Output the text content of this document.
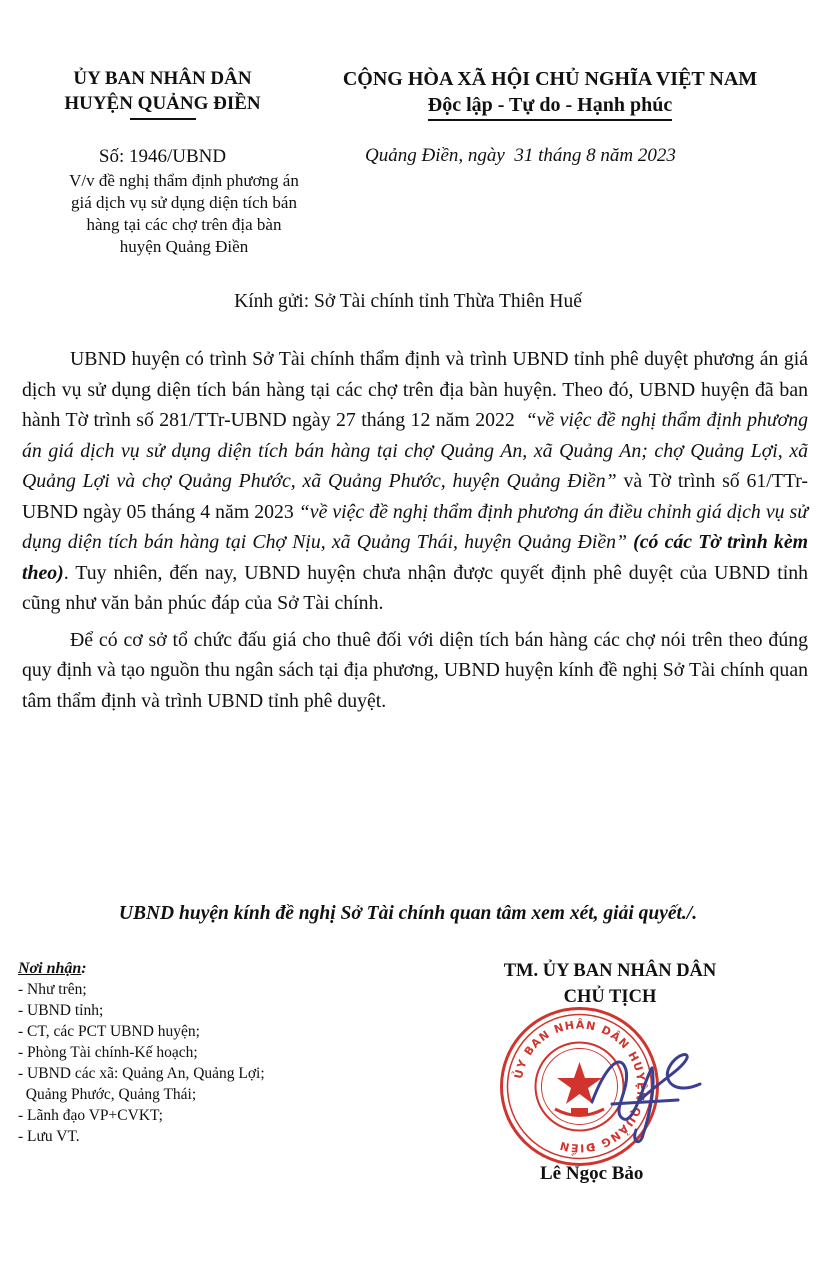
ỦY BAN NHÂN DÂN
HUYỆN QUẢNG ĐIỀN
CỘNG HÒA XÃ HỘI CHỦ NGHĨA VIỆT NAM
Độc lập - Tự do - Hạnh phúc
Số: 1946/UBND
V/v đề nghị thẩm định phương án
giá dịch vụ sử dụng diện tích bán
hàng tại các chợ trên địa bàn
huyện Quảng Điền
Quảng Điền, ngày  31 tháng 8 năm 2023
Kính gửi: Sở Tài chính tỉnh Thừa Thiên Huế

UBND huyện có trình Sở Tài chính thẩm định và trình UBND tỉnh phê duyệt phương án giá dịch vụ sử dụng diện tích bán hàng tại các chợ trên địa bàn huyện. Theo đó, UBND huyện đã ban hành Tờ trình số 281/TTr-UBND ngày 27 tháng 12 năm 2022  “về việc đề nghị thẩm định phương án giá dịch vụ sử dụng diện tích bán hàng tại chợ Quảng An, xã Quảng An; chợ Quảng Lợi, xã Quảng Lợi và chợ Quảng Phước, xã Quảng Phước, huyện Quảng Điền” và Tờ trình số 61/TTr-UBND ngày 05 tháng 4 năm 2023 “về việc đề nghị thẩm định phương án điều chỉnh giá dịch vụ sử dụng diện tích bán hàng tại Chợ Nịu, xã Quảng Thái, huyện Quảng Điền” (có các Tờ trình kèm theo). Tuy nhiên, đến nay, UBND huyện chưa nhận được quyết định phê duyệt của UBND tỉnh cũng như văn bản phúc đáp của Sở Tài chính.

Để có cơ sở tổ chức đấu giá cho thuê đối với diện tích bán hàng các chợ nói trên theo đúng quy định và tạo nguồn thu ngân sách tại địa phương, UBND huyện kính đề nghị Sở Tài chính quan tâm thẩm định và trình UBND tỉnh phê duyệt.

UBND huyện kính đề nghị Sở Tài chính quan tâm xem xét, giải quyết./.
Nơi nhận:
- Như trên;
- UBND tỉnh;
- CT, các PCT UBND huyện;
- Phòng Tài chính-Kế hoạch;
- UBND các xã: Quảng An, Quảng Lợi;
Quảng Phước, Quảng Thái;
- Lãnh đạo VP+CVKT;
- Lưu VT.
TM. ỦY BAN NHÂN DÂN
CHỦ TỊCH
ỦY BAN NHÂN DÂN HUYỆN QUẢNG ĐIỀN
Lê Ngọc Bảo
